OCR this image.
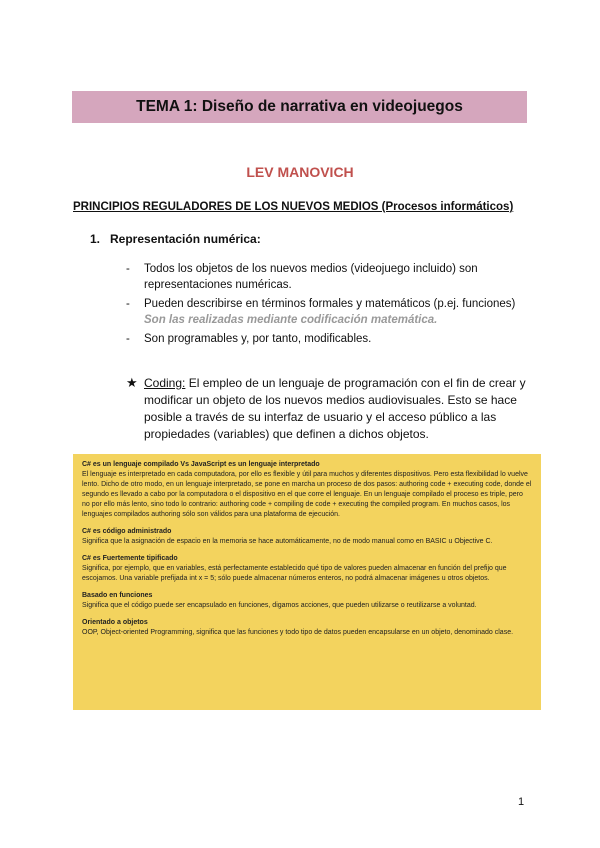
TEMA 1: Diseño de narrativa en videojuegos
LEV MANOVICH
PRINCIPIOS REGULADORES DE LOS NUEVOS MEDIOS (Procesos informáticos)
1. Representación numérica:
- Todos los objetos de los nuevos medios (videojuego incluido) son representaciones numéricas.
- Pueden describirse en términos formales y matemáticos (p.ej. funciones) Son las realizadas mediante codificación matemática.
- Son programables y, por tanto, modificables.
★ Coding: El empleo de un lenguaje de programación con el fin de crear y modificar un objeto de los nuevos medios audiovisuales. Esto se hace posible a través de su interfaz de usuario y el acceso público a las propiedades (variables) que definen a dichos objetos.
C# es un lenguaje compilado Vs JavaScript es un lenguaje interpretado
El lenguaje es interpretado en cada computadora, por ello es flexible y útil para muchos y diferentes dispositivos. Pero esta flexibilidad lo vuelve lento. Dicho de otro modo, en un lenguaje interpretado, se pone en marcha un proceso de dos pasos: authoring code + executing code, donde el segundo es llevado a cabo por la computadora o el dispositivo en el que corre el lenguaje. En un lenguaje compilado el proceso es triple, pero no por ello más lento, sino todo lo contrario: authoring code + compiling de code + executing the compiled program. En muchos casos, los lenguajes compilados authoring sólo son válidos para una plataforma de ejecución.
C# es código administrado
Significa que la asignación de espacio en la memoria se hace automáticamente, no de modo manual como en BASIC u Objective C.
C# es Fuertemente tipificado
Significa, por ejemplo, que en variables, está perfectamente establecido qué tipo de valores pueden almacenar en función del prefijo que escojamos. Una variable prefijada int x = 5; sólo puede almacenar números enteros, no podrá almacenar imágenes u otros objetos.
Basado en funciones
Significa que el código puede ser encapsulado en funciones, digamos acciones, que pueden utilizarse o reutilizarse a voluntad.
Orientado a objetos
OOP, Object-oriented Programming, significa que las funciones y todo tipo de datos pueden encapsularse en un objeto, denominado clase.
1
